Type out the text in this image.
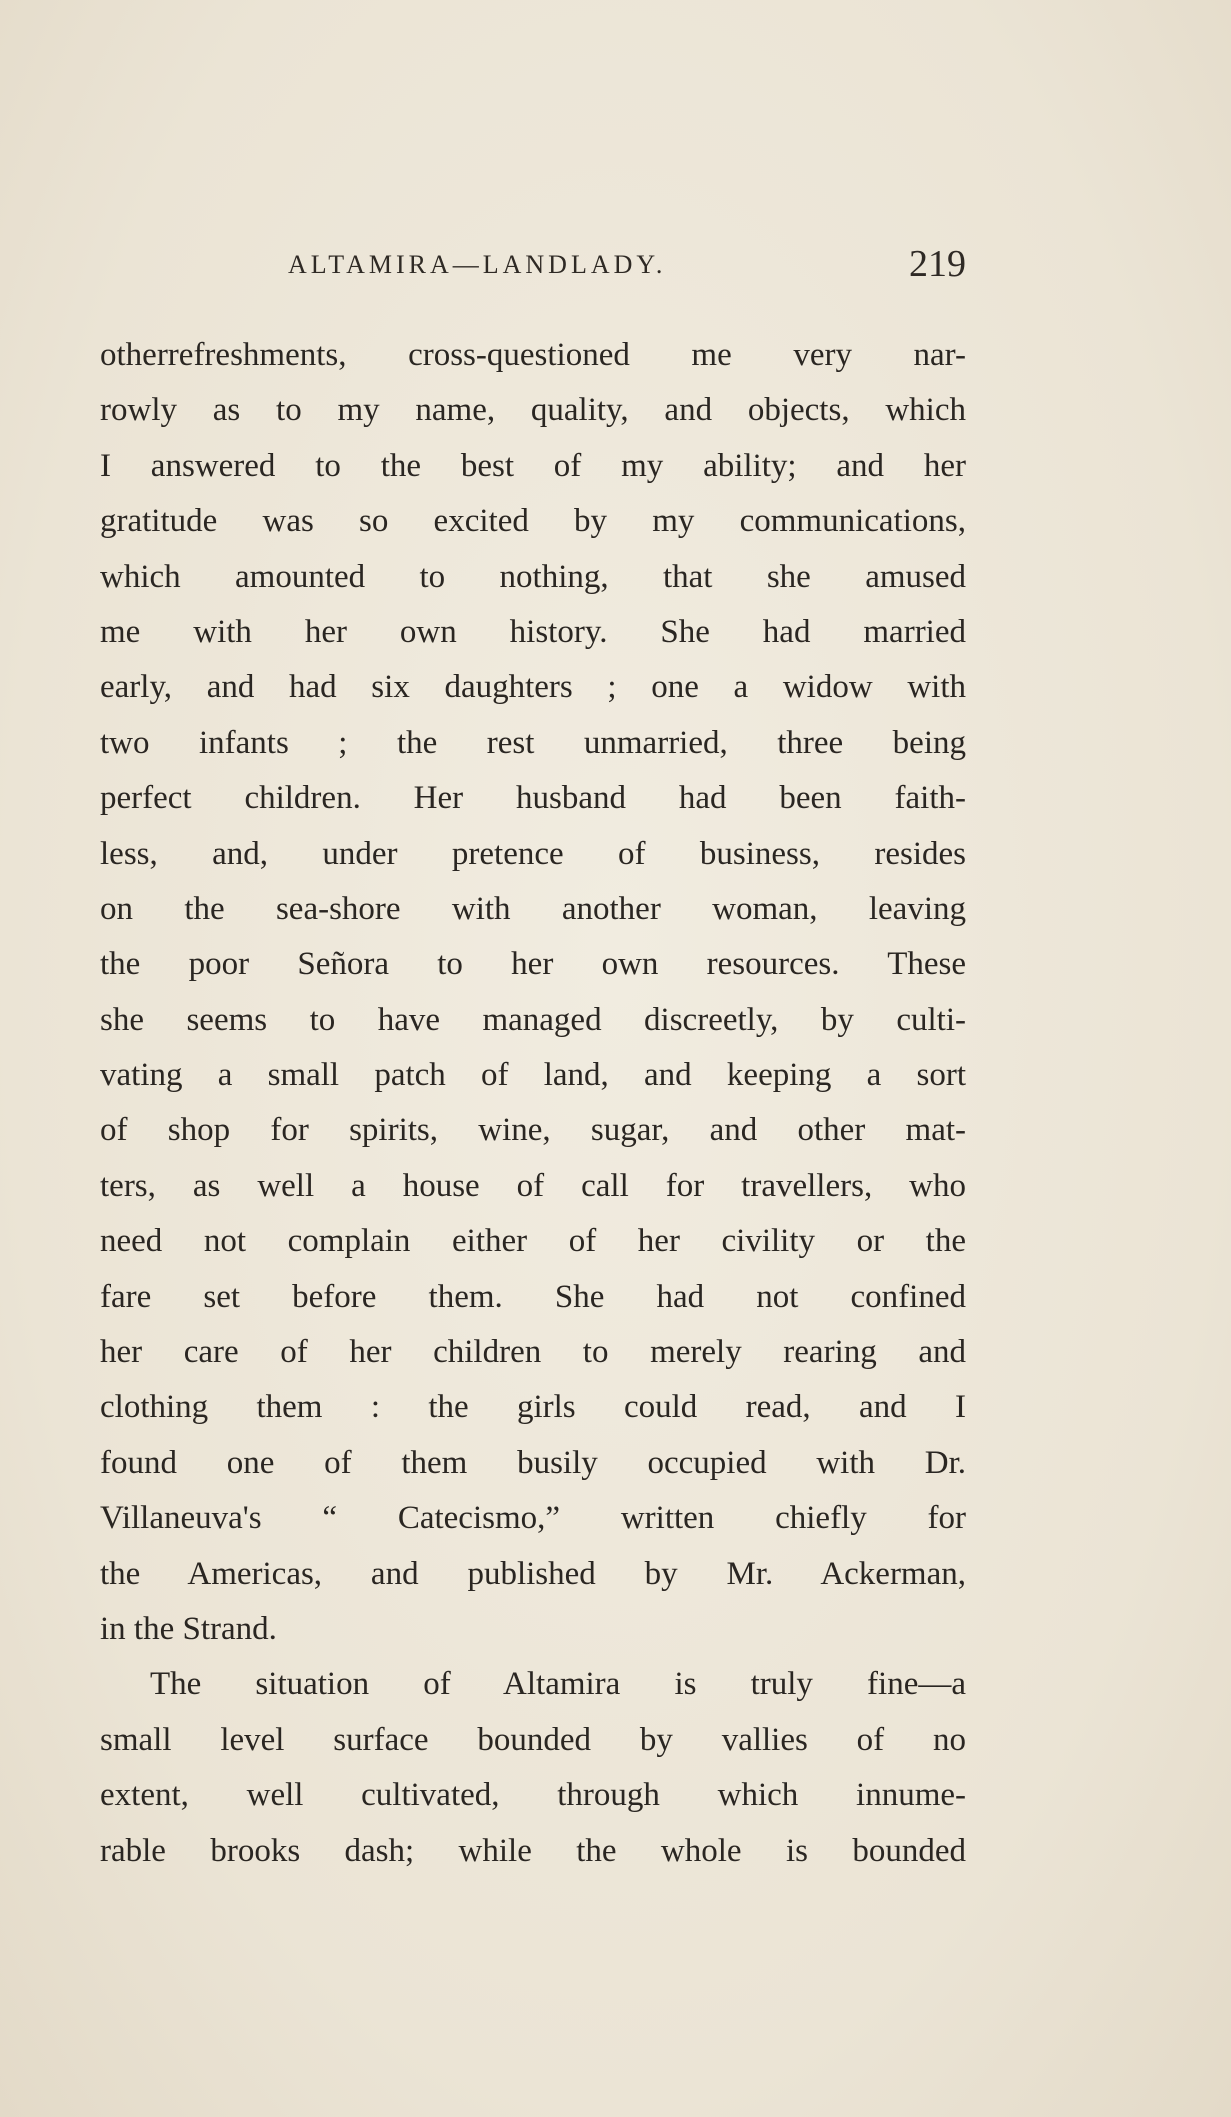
ALTAMIRA—LANDLADY.	219
otherrefreshments, cross-questioned me very nar-
rowly as to my name, quality, and objects, which
I answered to the best of my ability; and her
gratitude was so excited by my communications,
which amounted to nothing, that she amused
me with her own history. She had married
early, and had six daughters ; one a widow with
two infants ; the rest unmarried, three being
perfect children. Her husband had been faith-
less, and, under pretence of business, resides
on the sea-shore with another woman, leaving
the poor Señora to her own resources. These
she seems to have managed discreetly, by culti-
vating a small patch of land, and keeping a sort
of shop for spirits, wine, sugar, and other mat-
ters, as well a house of call for travellers, who
need not complain either of her civility or the
fare set before them. She had not confined
her care of her children to merely rearing and
clothing them : the girls could read, and I
found one of them busily occupied with Dr.
Villaneuva's “ Catecismo,” written chiefly for
the Americas, and published by Mr. Ackerman,
in the Strand.
The situation of Altamira is truly fine—a
small level surface bounded by vallies of no
extent, well cultivated, through which innume-
rable brooks dash; while the whole is bounded
